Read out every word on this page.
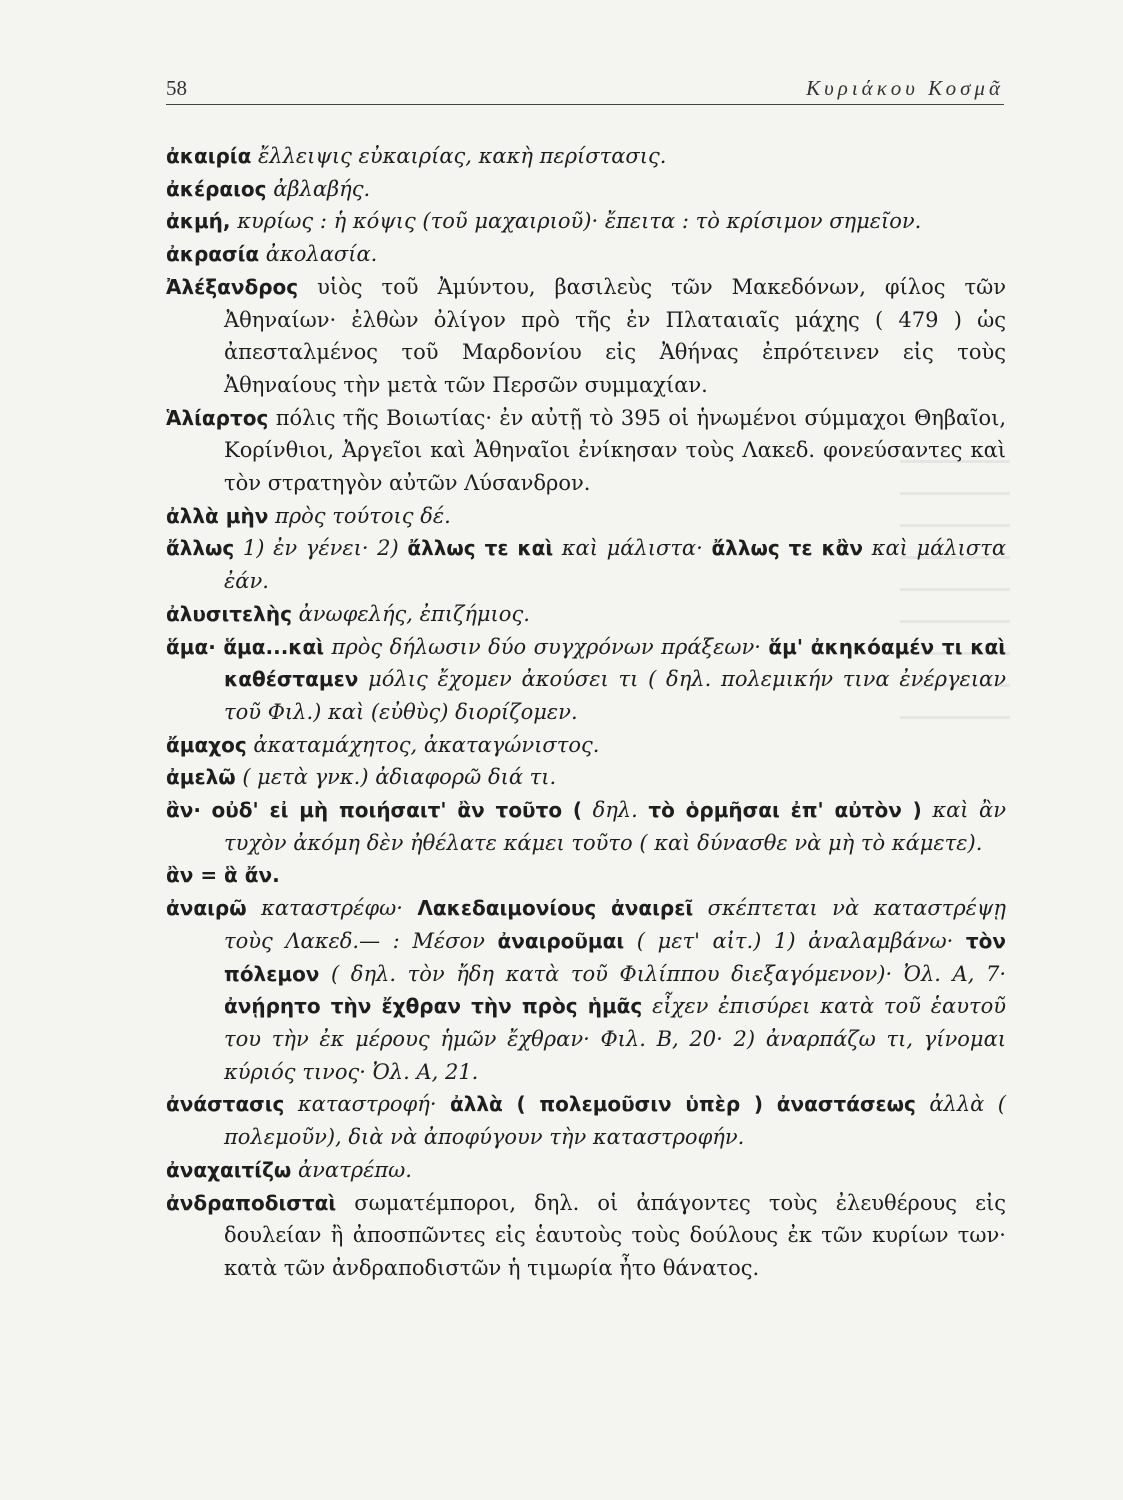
58	Κυριάκου Κοσμᾶ

ἀκαιρία ἔλλειψις εὐκαιρίας, κακὴ περίστασις.

ἀκέραιος ἀβλαβής.

ἀκμή, κυρίως : ἡ κόψις (τοῦ μαχαιριοῦ)· ἔπειτα : τὸ κρίσιμον σημεῖον.

ἀκρασία ἀκολασία.

Ἀλέξανδρος υἱὸς τοῦ Ἀμύντου, βασιλεὺς τῶν Μακεδόνων, φίλος τῶν Ἀθηναίων· ἐλθὼν ὀλίγον πρὸ τῆς ἐν Πλαταιαῖς μάχης ( 479 ) ὡς ἀπεσταλμένος τοῦ Μαρδονίου εἰς Ἀθήνας ἐπρότεινεν εἰς τοὺς Ἀθηναίους τὴν μετὰ τῶν Περσῶν συμμαχίαν.

Ἁλίαρτος πόλις τῆς Βοιωτίας· ἐν αὐτῇ τὸ 395 οἱ ἡνωμένοι σύμμαχοι Θηβαῖοι, Κορίνθιοι, Ἀργεῖοι καὶ Ἀθηναῖοι ἐνίκησαν τοὺς Λακεδ. φονεύσαντες καὶ τὸν στρατηγὸν αὐτῶν Λύσανδρον.

ἀλλὰ μὴν πρὸς τούτοις δέ.

ἄλλως 1) ἐν γένει· 2) ἄλλως τε καὶ καὶ μάλιστα· ἄλλως τε κἂν καὶ μάλιστα ἐάν.

ἀλυσιτελὴς ἀνωφελής, ἐπιζήμιος.

ἅμα· ἅμα...καὶ πρὸς δήλωσιν δύο συγχρόνων πράξεων· ἅμ' ἀκηκόαμέν τι καὶ καθέσταμεν μόλις ἔχομεν ἀκούσει τι ( δηλ. πολεμικήν τινα ἐνέργειαν τοῦ Φιλ.) καὶ (εὐθὺς) διορίζομεν.

ἄμαχος ἀκαταμάχητος, ἀκαταγώνιστος.

ἀμελῶ ( μετὰ γνκ.) ἀδιαφορῶ διά τι.

ἂν· οὐδ' εἰ μὴ ποιήσαιτ' ἂν τοῦτο ( δηλ. τὸ ὁρμῆσαι ἐπ' αὐτὸν ) καὶ ἂν τυχὸν ἀκόμη δὲν ἠθέλατε κάμει τοῦτο ( καὶ δύνασθε νὰ μὴ τὸ κάμετε).

ἂν = ἃ ἄν.

ἀναιρῶ καταστρέφω· Λακεδαιμονίους ἀναιρεῖ σκέπτεται νὰ καταστρέψῃ τοὺς Λακεδ.— : Μέσον ἀναιροῦμαι ( μετ' αἰτ.) 1) ἀναλαμβάνω· τὸν πόλεμον ( δηλ. τὸν ἤδη κατὰ τοῦ Φιλίππου διεξαγόμενον)· Ὀλ. Α, 7· ἀνῄρητο τὴν ἔχθραν τὴν πρὸς ἡμᾶς εἶχεν ἐπισύρει κατὰ τοῦ ἑαυτοῦ του τὴν ἐκ μέρους ἡμῶν ἔχθραν· Φιλ. Β, 20· 2) ἀναρπάζω τι, γίνομαι κύριός τινος· Ὀλ. Α, 21.

ἀνάστασις καταστροφή· ἀλλὰ ( πολεμοῦσιν ὑπὲρ ) ἀναστάσεως ἀλλὰ ( πολεμοῦν), διὰ νὰ ἀποφύγουν τὴν καταστροφήν.

ἀναχαιτίζω ἀνατρέπω.

ἀνδραποδισταὶ σωματέμποροι, δηλ. οἱ ἀπάγοντες τοὺς ἐλευθέρους εἰς δουλείαν ἢ ἀποσπῶντες εἰς ἑαυτοὺς τοὺς δούλους ἐκ τῶν κυρίων των· κατὰ τῶν ἀνδραποδιστῶν ἡ τιμωρία ἦτο θάνατος.
